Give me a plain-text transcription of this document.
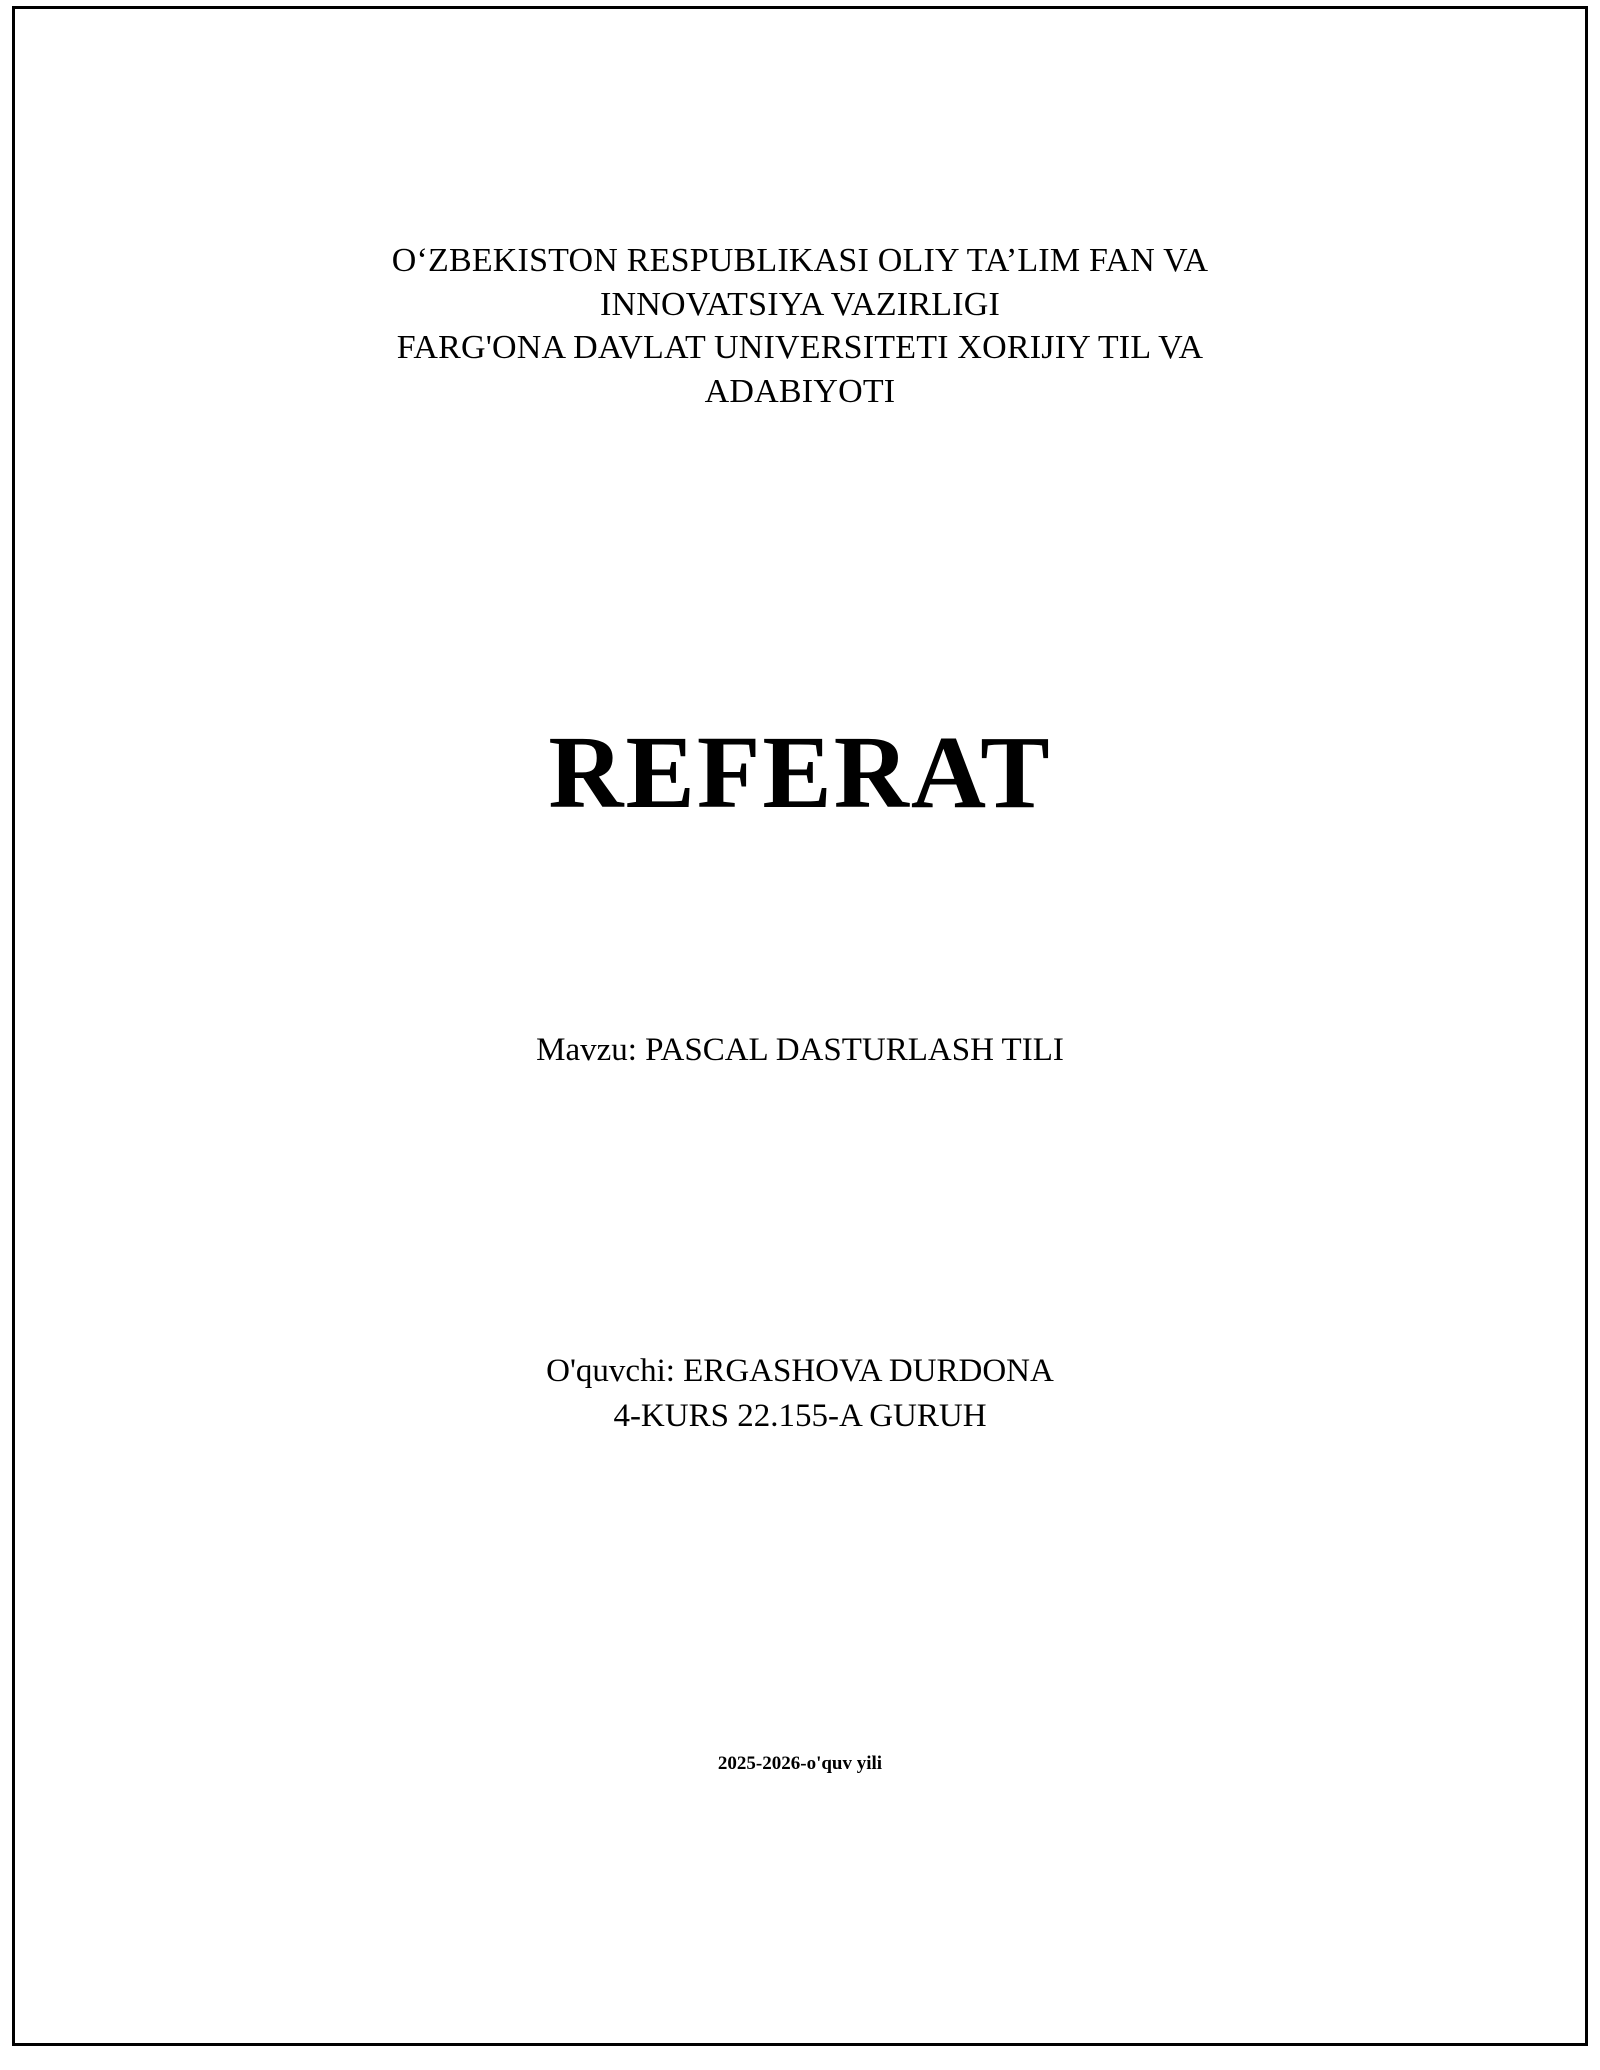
O‘ZBEKISTON RESPUBLIKASI OLIY TA’LIM FAN VA
INNOVATSIYA VAZIRLIGI
FARG'ONA DAVLAT UNIVERSITETI XORIJIY TIL VA
ADABIYOTI
REFERAT
Mavzu: PASCAL DASTURLASH TILI
O'quvchi: ERGASHOVA DURDONA
4-KURS 22.155-A GURUH
2025-2026-o'quv yili
